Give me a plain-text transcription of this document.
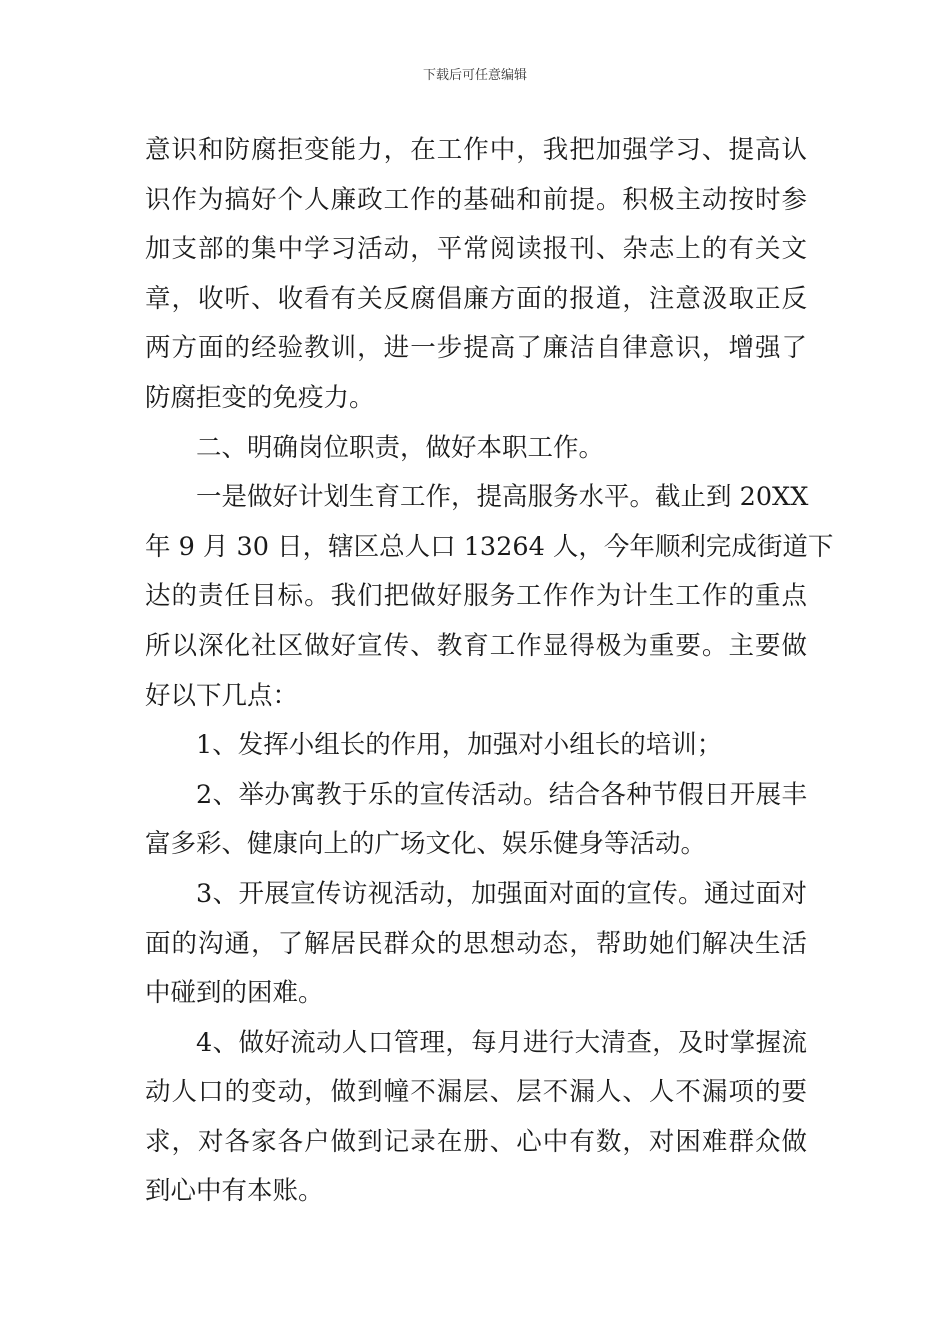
下载后可任意编辑
意识和防腐拒变能力，在工作中，我把加强学习、提高认
识作为搞好个人廉政工作的基础和前提。积极主动按时参
加支部的集中学习活动，平常阅读报刊、杂志上的有关文
章，收听、收看有关反腐倡廉方面的报道，注意汲取正反
两方面的经验教训，进一步提高了廉洁自律意识，增强了
防腐拒变的免疫力。
二、明确岗位职责，做好本职工作。
一是做好计划生育工作，提高服务水平。截止到 20XX
年 9 月 30 日，辖区总人口 13264 人，今年顺利完成街道下
达的责任目标。我们把做好服务工作作为计生工作的重点
所以深化社区做好宣传、教育工作显得极为重要。主要做
好以下几点：
1、发挥小组长的作用，加强对小组长的培训；
2、举办寓教于乐的宣传活动。结合各种节假日开展丰
富多彩、健康向上的广场文化、娱乐健身等活动。
3、开展宣传访视活动，加强面对面的宣传。通过面对
面的沟通，了解居民群众的思想动态，帮助她们解决生活
中碰到的困难。
4、做好流动人口管理，每月进行大清查，及时掌握流
动人口的变动，做到幢不漏层、层不漏人、人不漏项的要
求，对各家各户做到记录在册、心中有数，对困难群众做
到心中有本账。
